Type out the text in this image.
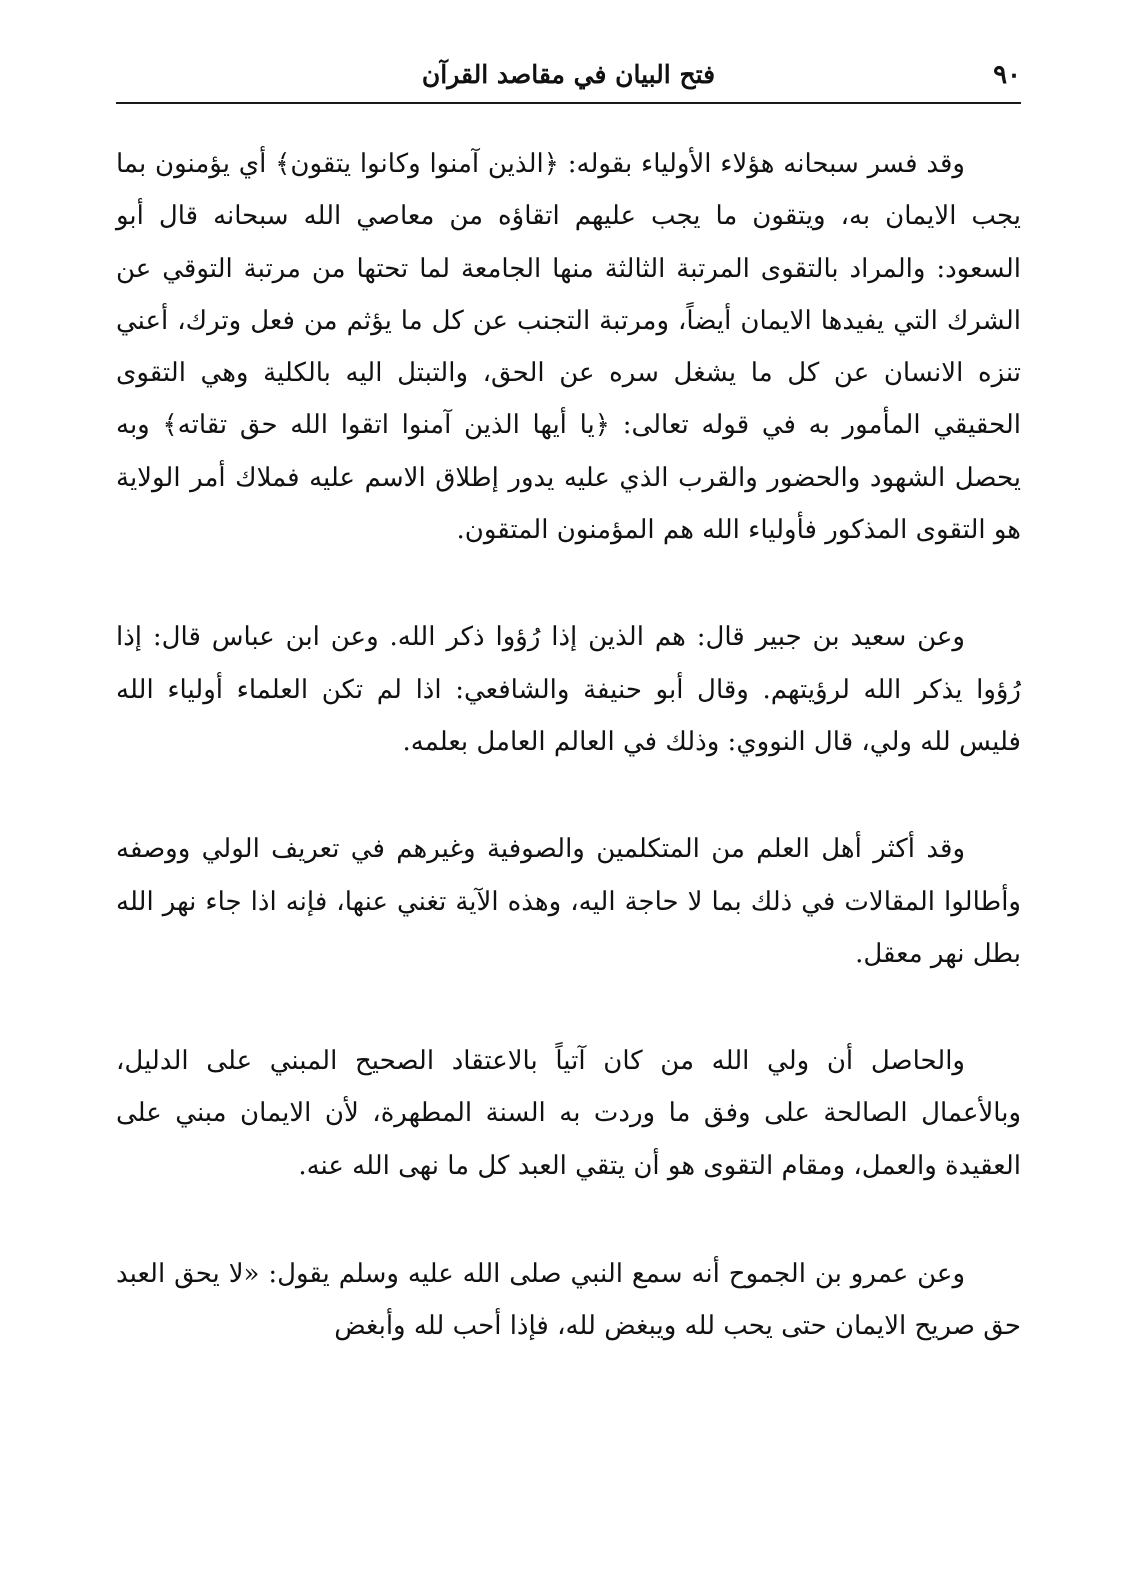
٩٠
فتح البيان في مقاصد القرآن

وقد فسر سبحانه هؤلاء الأولياء بقوله: ﴿الذين آمنوا وكانوا يتقون﴾ أي يؤمنون بما يجب الايمان به، ويتقون ما يجب عليهم اتقاؤه من معاصي الله سبحانه قال أبو السعود: والمراد بالتقوى المرتبة الثالثة منها الجامعة لما تحتها من مرتبة التوقي عن الشرك التي يفيدها الايمان أيضاً، ومرتبة التجنب عن كل ما يؤثم من فعل وترك، أعني تنزه الانسان عن كل ما يشغل سره عن الحق، والتبتل اليه بالكلية وهي التقوى الحقيقي المأمور به في قوله تعالى: ﴿يا أيها الذين آمنوا اتقوا الله حق تقاته﴾ وبه يحصل الشهود والحضور والقرب الذي عليه يدور إطلاق الاسم عليه فملاك أمر الولاية هو التقوى المذكور فأولياء الله هم المؤمنون المتقون.

وعن سعيد بن جبير قال: هم الذين إذا رُؤوا ذكر الله. وعن ابن عباس قال: إذا رُؤوا يذكر الله لرؤيتهم. وقال أبو حنيفة والشافعي: اذا لم تكن العلماء أولياء الله فليس لله ولي، قال النووي: وذلك في العالم العامل بعلمه.

وقد أكثر أهل العلم من المتكلمين والصوفية وغيرهم في تعريف الولي ووصفه وأطالوا المقالات في ذلك بما لا حاجة اليه، وهذه الآية تغني عنها، فإنه اذا جاء نهر الله بطل نهر معقل.

والحاصل أن ولي الله من كان آتياً بالاعتقاد الصحيح المبني على الدليل، وبالأعمال الصالحة على وفق ما وردت به السنة المطهرة، لأن الايمان مبني على العقيدة والعمل، ومقام التقوى هو أن يتقي العبد كل ما نهى الله عنه.

وعن عمرو بن الجموح أنه سمع النبي صلى الله عليه وسلم يقول: «لا يحق العبد حق صريح الايمان حتى يحب لله ويبغض لله، فإذا أحب لله وأبغض
